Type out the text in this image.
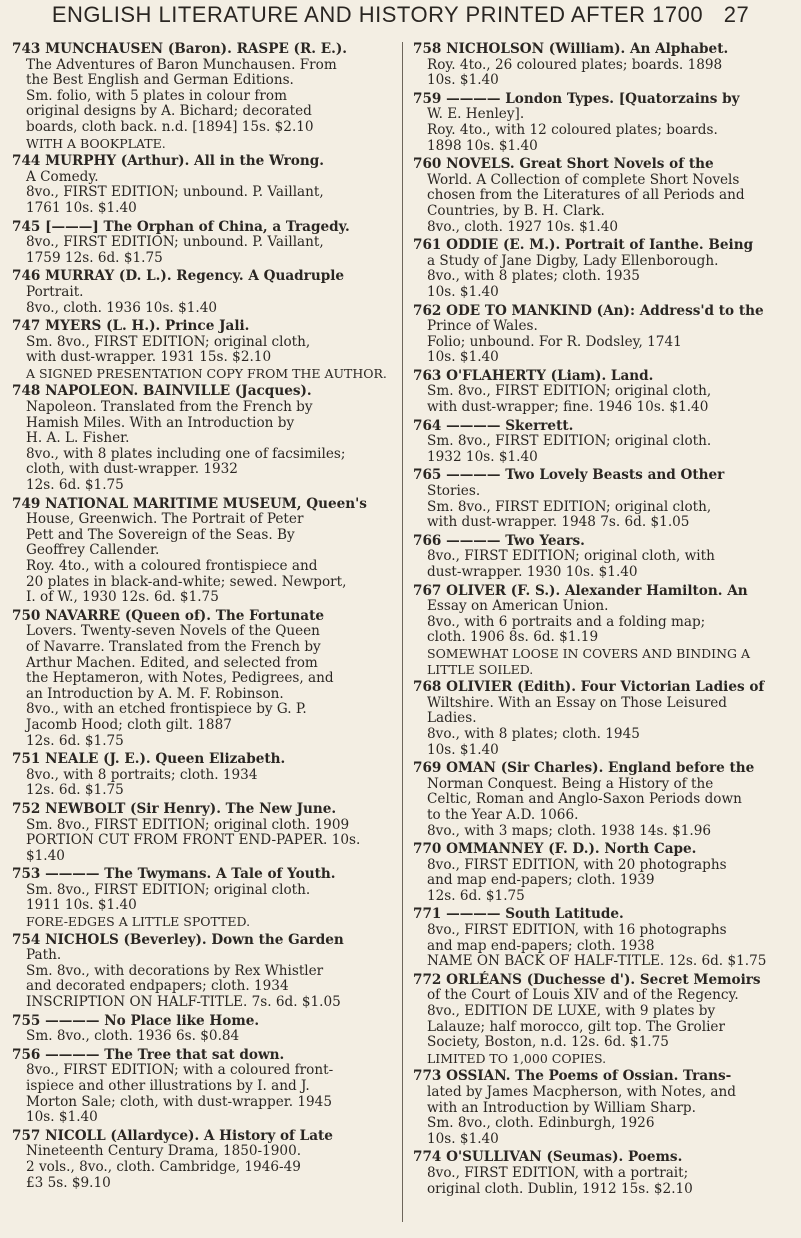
ENGLISH LITERATURE AND HISTORY PRINTED AFTER 1700 27
743 MUNCHAUSEN (Baron). RASPE (R. E.).
The Adventures of Baron Munchausen. From
the Best English and German Editions.
Sm. folio, with 5 plates in colour from
original designs by A. Bichard; decorated
boards, cloth back. n.d. [1894] 15s. $2.10
WITH A BOOKPLATE.
744 MURPHY (Arthur). All in the Wrong.
A Comedy.
8vo., FIRST EDITION; unbound. P. Vaillant,
1761 10s. $1.40
745 [———] The Orphan of China, a Tragedy.
8vo., FIRST EDITION; unbound. P. Vaillant,
1759 12s. 6d. $1.75
746 MURRAY (D. L.). Regency. A Quadruple
Portrait.
8vo., cloth. 1936 10s. $1.40
747 MYERS (L. H.). Prince Jali.
Sm. 8vo., FIRST EDITION; original cloth,
with dust-wrapper. 1931 15s. $2.10
A SIGNED PRESENTATION COPY FROM THE AUTHOR.
748 NAPOLEON. BAINVILLE (Jacques).
Napoleon. Translated from the French by
Hamish Miles. With an Introduction by
H. A. L. Fisher.
8vo., with 8 plates including one of facsimiles;
cloth, with dust-wrapper. 1932
12s. 6d. $1.75
749 NATIONAL MARITIME MUSEUM, Queen's
House, Greenwich. The Portrait of Peter
Pett and The Sovereign of the Seas. By
Geoffrey Callender.
Roy. 4to., with a coloured frontispiece and
20 plates in black-and-white; sewed. Newport,
I. of W., 1930 12s. 6d. $1.75
750 NAVARRE (Queen of). The Fortunate
Lovers. Twenty-seven Novels of the Queen
of Navarre. Translated from the French by
Arthur Machen. Edited, and selected from
the Heptameron, with Notes, Pedigrees, and
an Introduction by A. M. F. Robinson.
8vo., with an etched frontispiece by G. P.
Jacomb Hood; cloth gilt. 1887
12s. 6d. $1.75
751 NEALE (J. E.). Queen Elizabeth.
8vo., with 8 portraits; cloth. 1934
12s. 6d. $1.75
752 NEWBOLT (Sir Henry). The New June.
Sm. 8vo., FIRST EDITION; original cloth. 1909
PORTION CUT FROM FRONT END-PAPER. 10s. $1.40
753 ———— The Twymans. A Tale of Youth.
Sm. 8vo., FIRST EDITION; original cloth.
1911 10s. $1.40
FORE-EDGES A LITTLE SPOTTED.
754 NICHOLS (Beverley). Down the Garden
Path.
Sm. 8vo., with decorations by Rex Whistler
and decorated endpapers; cloth. 1934
INSCRIPTION ON HALF-TITLE. 7s. 6d. $1.05
755 ———— No Place like Home.
Sm. 8vo., cloth. 1936 6s. $0.84
756 ———— The Tree that sat down.
8vo., FIRST EDITION; with a coloured front-
ispiece and other illustrations by I. and J.
Morton Sale; cloth, with dust-wrapper. 1945
10s. $1.40
757 NICOLL (Allardyce). A History of Late
Nineteenth Century Drama, 1850-1900.
2 vols., 8vo., cloth. Cambridge, 1946-49
£3 5s. $9.10
758 NICHOLSON (William). An Alphabet.
Roy. 4to., 26 coloured plates; boards. 1898
10s. $1.40
759 ———— London Types. [Quatorzains by
W. E. Henley].
Roy. 4to., with 12 coloured plates; boards.
1898 10s. $1.40
760 NOVELS. Great Short Novels of the
World. A Collection of complete Short Novels
chosen from the Literatures of all Periods and
Countries, by B. H. Clark.
8vo., cloth. 1927 10s. $1.40
761 ODDIE (E. M.). Portrait of Ianthe. Being
a Study of Jane Digby, Lady Ellenborough.
8vo., with 8 plates; cloth. 1935
10s. $1.40
762 ODE TO MANKIND (An): Address'd to the
Prince of Wales.
Folio; unbound. For R. Dodsley, 1741
10s. $1.40
763 O'FLAHERTY (Liam). Land.
Sm. 8vo., FIRST EDITION; original cloth,
with dust-wrapper; fine. 1946 10s. $1.40
764 ———— Skerrett.
Sm. 8vo., FIRST EDITION; original cloth.
1932 10s. $1.40
765 ———— Two Lovely Beasts and Other
Stories.
Sm. 8vo., FIRST EDITION; original cloth,
with dust-wrapper. 1948 7s. 6d. $1.05
766 ———— Two Years.
8vo., FIRST EDITION; original cloth, with
dust-wrapper. 1930 10s. $1.40
767 OLIVER (F. S.). Alexander Hamilton. An
Essay on American Union.
8vo., with 6 portraits and a folding map;
cloth. 1906 8s. 6d. $1.19
SOMEWHAT LOOSE IN COVERS AND BINDING A LITTLE SOILED.
768 OLIVIER (Edith). Four Victorian Ladies of
Wiltshire. With an Essay on Those Leisured
Ladies.
8vo., with 8 plates; cloth. 1945
10s. $1.40
769 OMAN (Sir Charles). England before the
Norman Conquest. Being a History of the
Celtic, Roman and Anglo-Saxon Periods down
to the Year A.D. 1066.
8vo., with 3 maps; cloth. 1938 14s. $1.96
770 OMMANNEY (F. D.). North Cape.
8vo., FIRST EDITION, with 20 photographs
and map end-papers; cloth. 1939
12s. 6d. $1.75
771 ———— South Latitude.
8vo., FIRST EDITION, with 16 photographs
and map end-papers; cloth. 1938
NAME ON BACK OF HALF-TITLE. 12s. 6d. $1.75
772 ORLÉANS (Duchesse d'). Secret Memoirs
of the Court of Louis XIV and of the Regency.
8vo., EDITION DE LUXE, with 9 plates by
Lalauze; half morocco, gilt top. The Grolier
Society, Boston, n.d. 12s. 6d. $1.75
LIMITED TO 1,000 COPIES.
773 OSSIAN. The Poems of Ossian. Trans-
lated by James Macpherson, with Notes, and
with an Introduction by William Sharp.
Sm. 8vo., cloth. Edinburgh, 1926
10s. $1.40
774 O'SULLIVAN (Seumas). Poems.
8vo., FIRST EDITION, with a portrait;
original cloth. Dublin, 1912 15s. $2.10
